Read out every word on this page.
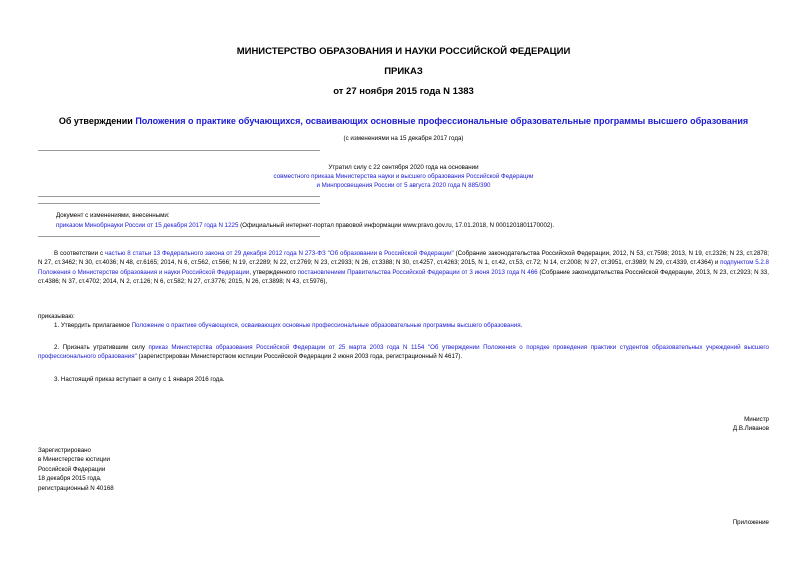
МИНИСТЕРСТВО ОБРАЗОВАНИЯ И НАУКИ РОССИЙСКОЙ ФЕДЕРАЦИИ
ПРИКАЗ
от 27 ноября 2015 года N 1383
Об утверждении Положения о практике обучающихся, осваивающих основные профессиональные образовательные программы высшего образования
(с изменениями на 15 декабря 2017 года)
Утратил силу с 22 сентября 2020 года на основании
совместного приказа Министерства науки и высшего образования Российской Федерации
и Минпросвещения России от 5 августа 2020 года N 885/390
Документ с изменениями, внесенными:
приказом Минобрнауки России от 15 декабря 2017 года N 1225 (Официальный интернет-портал правовой информации www.pravo.gov.ru, 17.01.2018, N 0001201801170002).
В соответствии с частью 8 статьи 13 Федерального закона от 29 декабря 2012 года N 273-ФЗ "Об образовании в Российской Федерации" (Собрание законодательства Российской Федерации, 2012, N 53, ст.7598; 2013, N 19, ст.2326; N 23, ст.2878; N 27, ст.3462; N 30, ст.4036; N 48, ст.6165; 2014, N 6, ст.562, ст.566; N 19, ст.2289; N 22, ст.2769; N 23, ст.2933; N 26, ст.3388; N 30, ст.4257, ст.4263; 2015, N 1, ст.42, ст.53, ст.72; N 14, ст.2008; N 27, ст.3951, ст.3989; N 29, ст.4339, ст.4364) и подпунктом 5.2.8 Положения о Министерстве образования и науки Российской Федерации, утвержденного постановлением Правительства Российской Федерации от 3 июня 2013 года N 466 (Собрание законодательства Российской Федерации, 2013, N 23, ст.2923; N 33, ст.4386; N 37, ст.4702; 2014, N 2, ст.126; N 6, ст.582; N 27, ст.3776; 2015, N 26, ст.3898; N 43, ст.5976),
приказываю:
1. Утвердить прилагаемое Положение о практике обучающихся, осваивающих основные профессиональные образовательные программы высшего образования.
2. Признать утратившим силу приказ Министерства образования Российской Федерации от 25 марта 2003 года N 1154 "Об утверждении Положения о порядке проведения практики студентов образовательных учреждений высшего профессионального образования" (зарегистрирован Министерством юстиции Российской Федерации 2 июня 2003 года, регистрационный N 4617).
3. Настоящий приказ вступает в силу с 1 января 2016 года.
Министр
Д.В.Ливанов
Зарегистрировано
в Министерстве юстиции
Российской Федерации
18 декабря 2015 года,
регистрационный N 40168
Приложение
